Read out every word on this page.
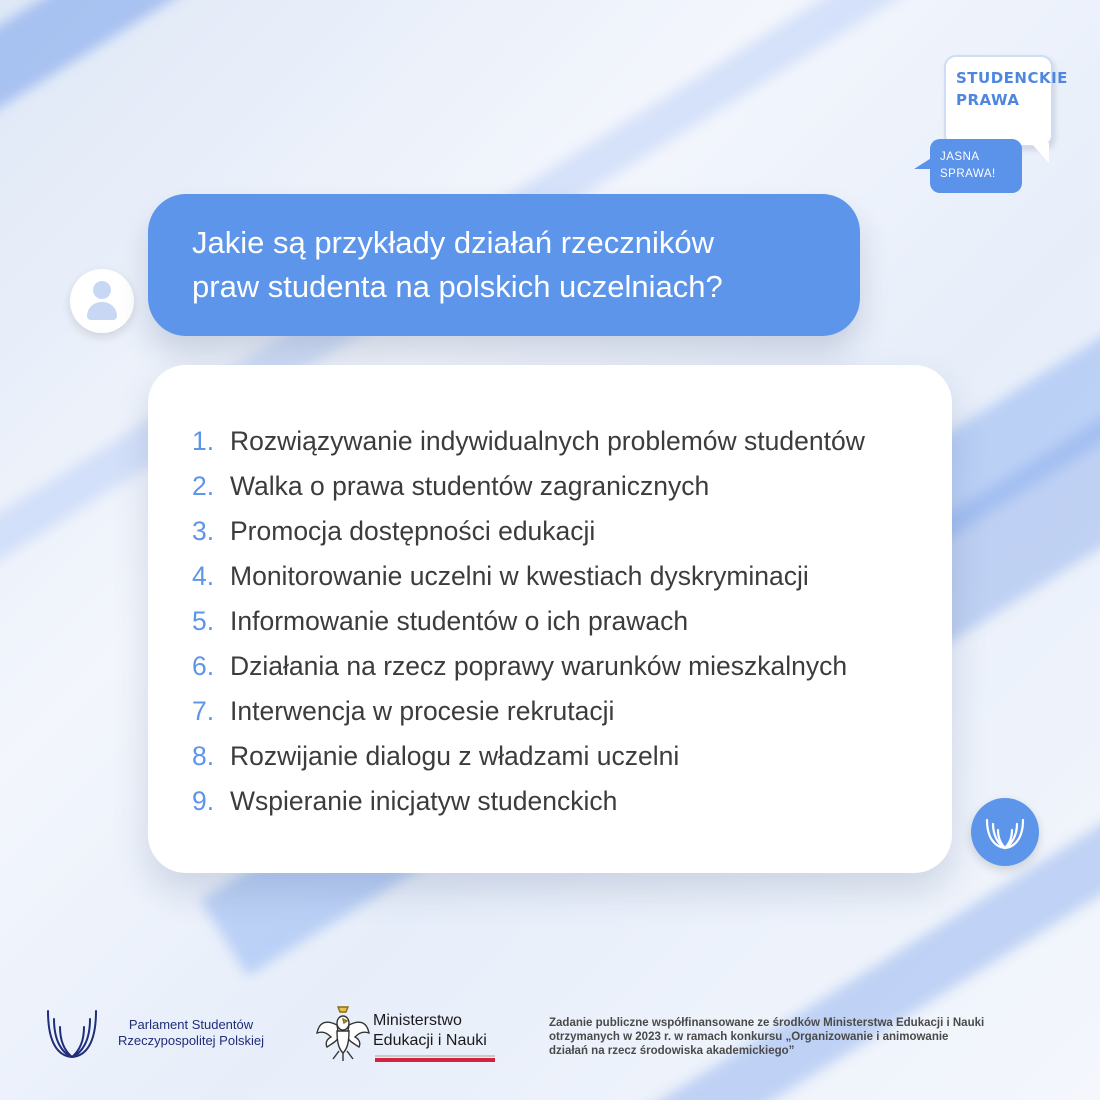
STUDENCKIE
PRAWA
JASNA
SPRAWA!
Jakie są przykłady działań rzeczników
praw studenta na polskich uczelniach?
1. Rozwiązywanie indywidualnych problemów studentów
2. Walka o prawa studentów zagranicznych
3. Promocja dostępności edukacji
4. Monitorowanie uczelni w kwestiach dyskryminacji
5. Informowanie studentów o ich prawach
6. Działania na rzecz poprawy warunków mieszkalnych
7. Interwencja w procesie rekrutacji
8. Rozwijanie dialogu z władzami uczelni
9. Wspieranie inicjatyw studenckich
Parlament Studentów
Rzeczypospolitej Polskiej
Ministerstwo
Edukacji i Nauki
Zadanie publiczne współfinansowane ze środków Ministerstwa Edukacji i Nauki
otrzymanych w 2023 r. w ramach konkursu „Organizowanie i animowanie
działań na rzecz środowiska akademickiego”
